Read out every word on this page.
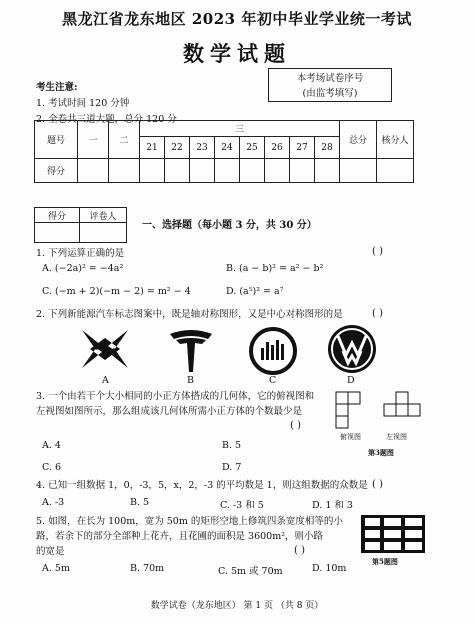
黑龙江省龙东地区 2023 年初中毕业学业统一考试
数学试题
考生注意:
1. 考试时间 120 分钟
2. 全卷共三道大题，总分 120 分
本考场试卷序号
(由监考填写)
题号	一	二	三								总分	核分人
			21	22	23	24	25	26	27	28		
得分												
得分	评卷人

一、选择题（每小题 3 分，共 30 分）
1. 下列运算正确的是	( )
A. (−2a)² = −4a²	B. (a − b)² = a² − b²
C. (−m + 2)(−m − 2) = m² − 4	D. (a⁵)² = a⁷
2. 下列新能源汽车标志图案中，既是轴对称图形，又是中心对称图形的是	( )
A	B	C	D
3. 一个由若干个大小相同的小正方体搭成的几何体，它的俯视图和
左视图如图所示，那么组成该几何体所需小正方体的个数最少是
( )
俯视图	左视图
第3题图
A. 4	B. 5
C. 6	D. 7
4. 已知一组数据 1，0，-3，5，x，2，-3 的平均数是 1，则这组数据的众数是 ( )
A. -3	B. 5	C. -3 和 5	D. 1 和 3
5. 如图，在长为 100m，宽为 50m 的矩形空地上修筑四条宽度相等的小
路，若余下的部分全部种上花卉，且花圃的面积是 3600m²，则小路
的宽是	( )
第5题图
A. 5m	B. 70m	C. 5m 或 70m	D. 10m
数学试卷（龙东地区） 第 1 页 （共 8 页）
